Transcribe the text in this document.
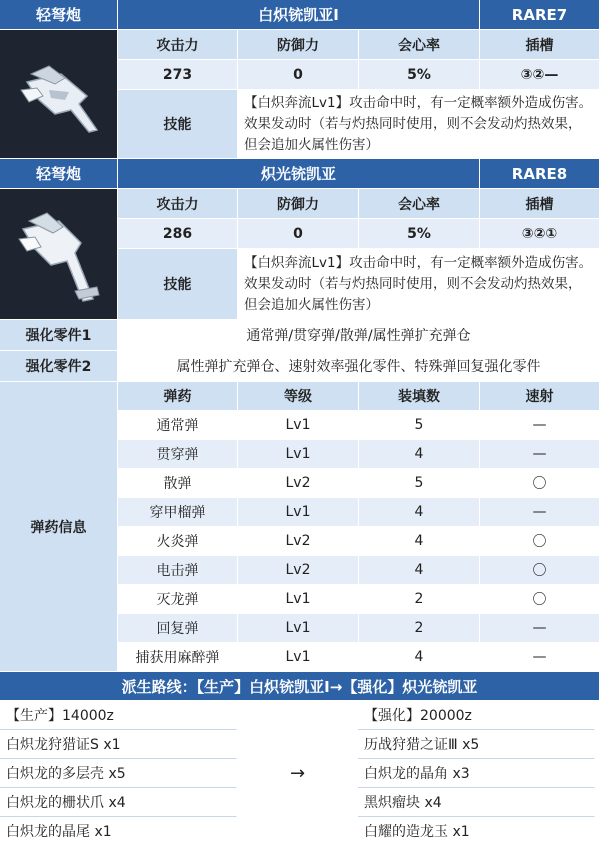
轻弩炮	白炽铳凯亚Ⅰ	RARE7
攻击力	防御力	会心率	插槽
273	0	5%	③②—
技能
【白炽奔流Lv1】攻击命中时，有一定概率额外造成伤害。效果发动时（若与灼热同时使用，则不会发动灼热效果，但会追加火属性伤害）
轻弩炮	炽光铳凯亚	RARE8
攻击力	防御力	会心率	插槽
286	0	5%	③②①
技能
【白炽奔流Lv1】攻击命中时，有一定概率额外造成伤害。效果发动时（若与灼热同时使用，则不会发动灼热效果，但会追加火属性伤害）
强化零件1	通常弹/贯穿弹/散弹/属性弹扩充弹仓
强化零件2	属性弹扩充弹仓、速射效率强化零件、特殊弹回复强化零件
弹药信息
弹药	等级	装填数	速射
通常弹	Lv1	5	—
贯穿弹	Lv1	4	—
散弹	Lv2	5	〇
穿甲榴弹	Lv1	4	—
火炎弹	Lv2	4	〇
电击弹	Lv2	4	〇
灭龙弹	Lv1	2	〇
回复弹	Lv1	2	—
捕获用麻醉弹	Lv1	4	—
派生路线：【生产】白炽铳凯亚Ⅰ→【强化】炽光铳凯亚
→
【生产】14000z
白炽龙狩猎证S x1
白炽龙的多层壳 x5
白炽龙的栅状爪 x4
白炽龙的晶尾 x1
【强化】20000z
历战狩猎之证Ⅲ x5
白炽龙的晶角 x3
黑炽瘤块 x4
白耀的造龙玉 x1
